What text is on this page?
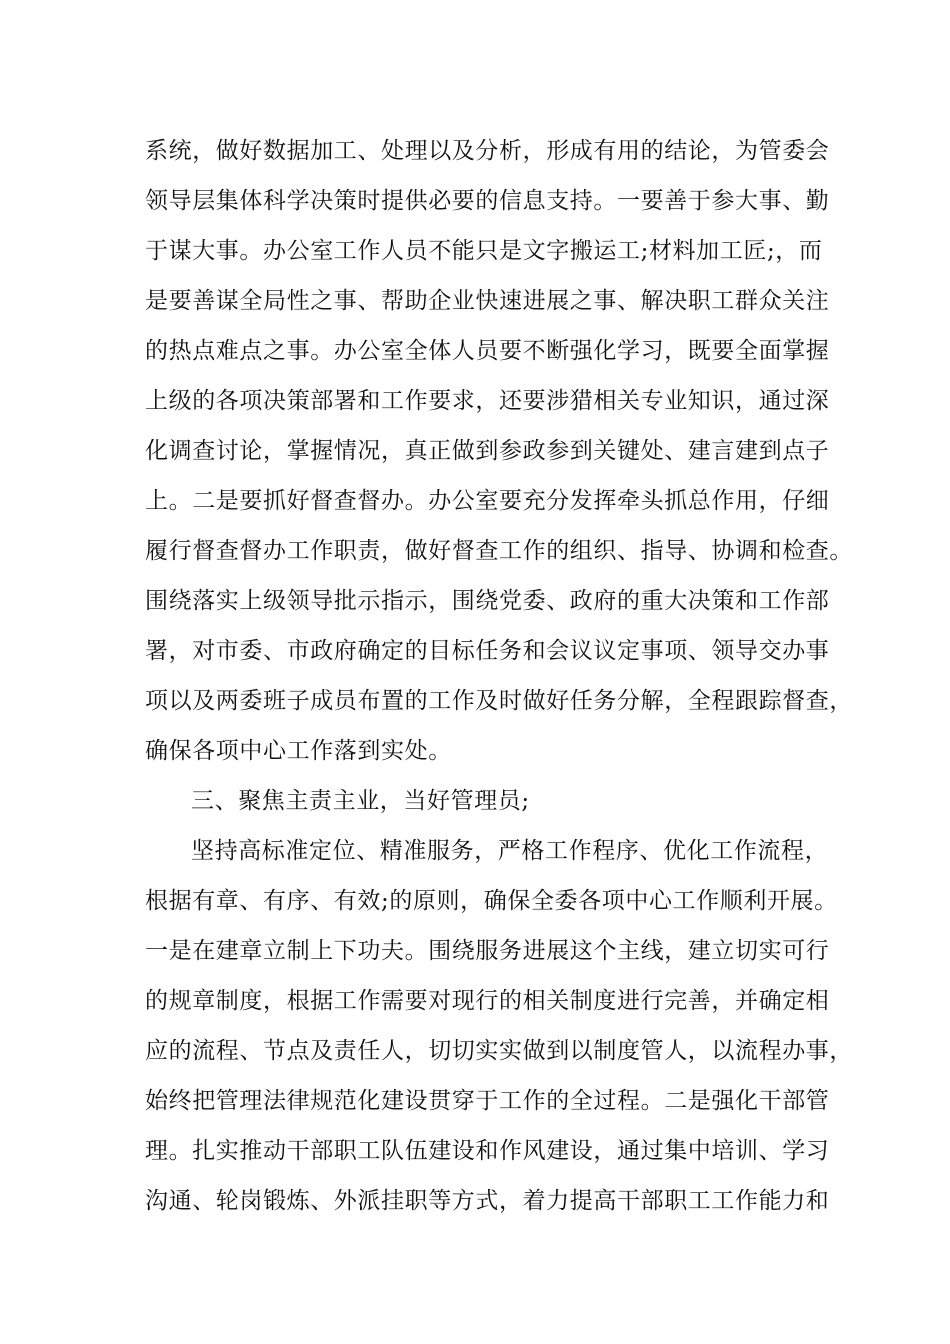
系统，做好数据加工、处理以及分析，形成有用的结论，为管委会
领导层集体科学决策时提供必要的信息支持。一要善于参大事、勤
于谋大事。办公室工作人员不能只是文字搬运工;材料加工匠;，而
是要善谋全局性之事、帮助企业快速进展之事、解决职工群众关注
的热点难点之事。办公室全体人员要不断强化学习，既要全面掌握
上级的各项决策部署和工作要求，还要涉猎相关专业知识，通过深
化调查讨论，掌握情况，真正做到参政参到关键处、建言建到点子
上。二是要抓好督查督办。办公室要充分发挥牵头抓总作用，仔细
履行督查督办工作职责，做好督查工作的组织、指导、协调和检查。
围绕落实上级领导批示指示，围绕党委、政府的重大决策和工作部
署，对市委、市政府确定的目标任务和会议议定事项、领导交办事
项以及两委班子成员布置的工作及时做好任务分解，全程跟踪督查，
确保各项中心工作落到实处。
三、聚焦主责主业，当好管理员;
坚持高标准定位、精准服务，严格工作程序、优化工作流程，
根据有章、有序、有效;的原则，确保全委各项中心工作顺利开展。
一是在建章立制上下功夫。围绕服务进展这个主线，建立切实可行
的规章制度，根据工作需要对现行的相关制度进行完善，并确定相
应的流程、节点及责任人，切切实实做到以制度管人，以流程办事，
始终把管理法律规范化建设贯穿于工作的全过程。二是强化干部管
理。扎实推动干部职工队伍建设和作风建设，通过集中培训、学习
沟通、轮岗锻炼、外派挂职等方式，着力提高干部职工工作能力和
